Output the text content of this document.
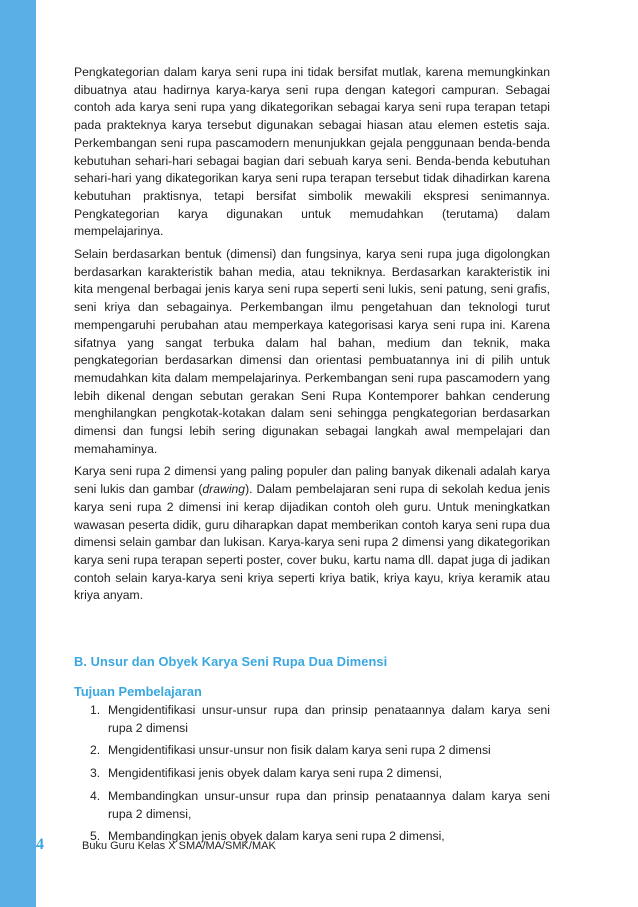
Pengkategorian dalam karya seni rupa ini tidak bersifat mutlak, karena memungkinkan dibuatnya atau hadirnya karya-karya seni rupa dengan kategori campuran. Sebagai contoh ada karya seni rupa yang dikategorikan sebagai karya seni rupa terapan tetapi pada prakteknya karya tersebut digunakan sebagai hiasan atau elemen estetis saja. Perkembangan seni rupa pascamodern menunjukkan gejala penggunaan benda-benda kebutuhan sehari-hari sebagai bagian dari sebuah karya seni. Benda-benda kebutuhan sehari-hari yang dikategorikan karya seni rupa terapan tersebut tidak dihadirkan karena kebutuhan praktisnya, tetapi bersifat simbolik mewakili ekspresi senimannya. Pengkategorian karya digunakan untuk memudahkan (terutama) dalam mempelajarinya.

Selain berdasarkan bentuk (dimensi) dan fungsinya, karya seni rupa juga digolongkan berdasarkan karakteristik bahan media, atau tekniknya. Berdasarkan karakteristik ini kita mengenal berbagai jenis karya seni rupa seperti seni lukis, seni patung, seni grafis, seni kriya dan sebagainya. Perkembangan ilmu pengetahuan dan teknologi turut mempengaruhi perubahan atau memperkaya kategorisasi karya seni rupa ini. Karena sifatnya yang sangat terbuka dalam hal bahan, medium dan teknik, maka pengkategorian berdasarkan dimensi dan orientasi pembuatannya ini di pilih untuk memudahkan kita dalam mempelajarinya. Perkembangan seni rupa pascamodern yang lebih dikenal dengan sebutan gerakan Seni Rupa Kontemporer bahkan cenderung menghilangkan pengkotak-kotakan dalam seni sehingga pengkategorian berdasarkan dimensi dan fungsi lebih sering digunakan sebagai langkah awal mempelajari dan memahaminya.

Karya seni rupa 2 dimensi yang paling populer dan paling banyak dikenali adalah karya seni lukis dan gambar (drawing). Dalam pembelajaran seni rupa di sekolah kedua jenis karya seni rupa 2 dimensi ini kerap dijadikan contoh oleh guru. Untuk meningkatkan wawasan peserta didik, guru diharapkan dapat memberikan contoh karya seni rupa dua dimensi selain gambar dan lukisan. Karya-karya seni rupa 2 dimensi yang dikategorikan karya seni rupa terapan seperti poster, cover buku, kartu nama dll. dapat juga di jadikan contoh selain karya-karya seni kriya seperti kriya batik, kriya kayu, kriya keramik atau kriya anyam.

B. Unsur dan Obyek Karya Seni Rupa Dua Dimensi
Tujuan Pembelajaran
1. Mengidentifikasi unsur-unsur rupa dan prinsip penataannya dalam karya seni rupa 2 dimensi
2. Mengidentifikasi unsur-unsur non fisik dalam karya seni rupa 2 dimensi
3. Mengidentifikasi jenis obyek dalam karya seni rupa 2 dimensi,
4. Membandingkan unsur-unsur rupa dan prinsip penataannya dalam karya seni rupa 2 dimensi,
5. Membandingkan jenis obyek dalam karya seni rupa 2 dimensi,
4	Buku Guru Kelas X SMA/MA/SMK/MAK
